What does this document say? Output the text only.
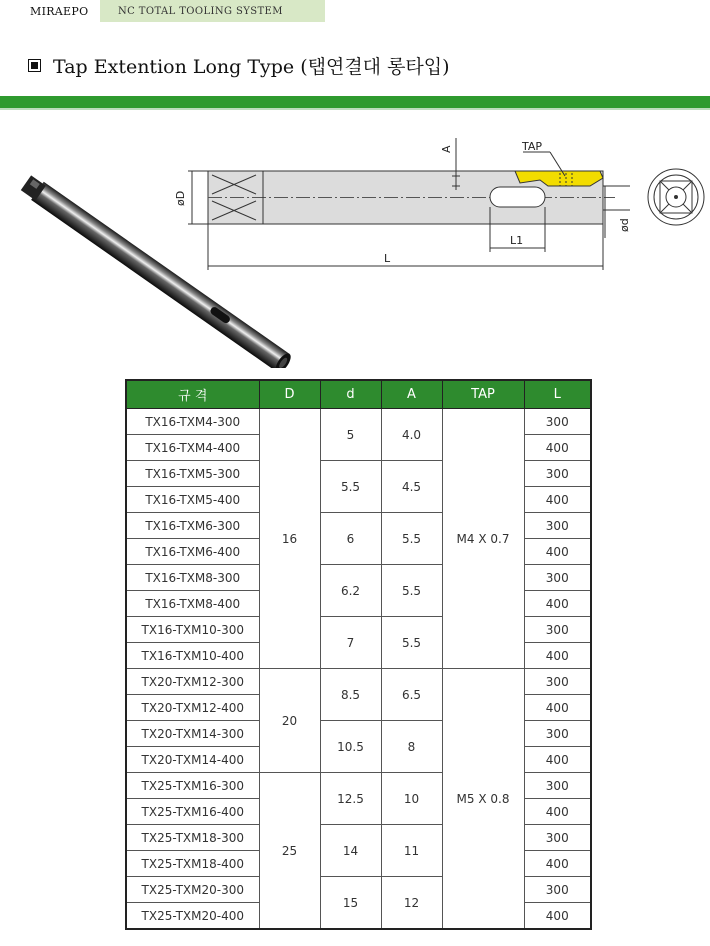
MIRAEPO	NC TOTAL TOOLING SYSTEM
Tap Extention Long Type (탭연결대 롱타입)
A	TAP
øD
ød
L1
L
규 격	D	d	A	TAP	L
TX16-TXM4-300	16	5	4.0	M4 X 0.7	300
TX16-TXM4-400					400
TX16-TXM5-300		5.5	4.5		300
TX16-TXM5-400					400
TX16-TXM6-300		6	5.5		300
TX16-TXM6-400					400
TX16-TXM8-300		6.2	5.5		300
TX16-TXM8-400					400
TX16-TXM10-300		7	5.5		300
TX16-TXM10-400					400
TX20-TXM12-300	20	8.5	6.5	M5 X 0.8	300
TX20-TXM12-400					400
TX20-TXM14-300		10.5	8		300
TX20-TXM14-400					400
TX25-TXM16-300	25	12.5	10		300
TX25-TXM16-400					400
TX25-TXM18-300		14	11		300
TX25-TXM18-400					400
TX25-TXM20-300		15	12		300
TX25-TXM20-400					400
